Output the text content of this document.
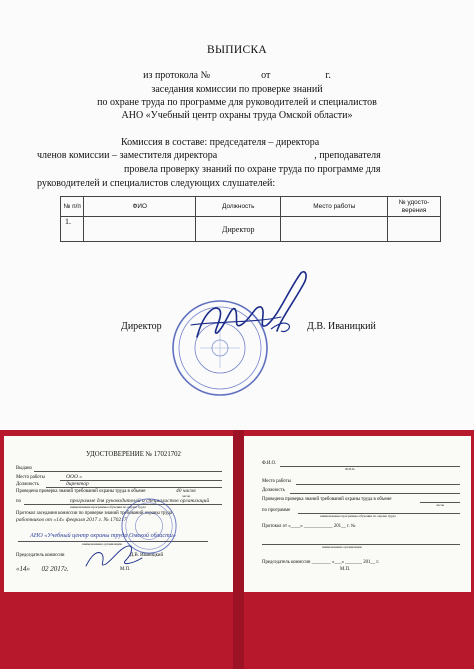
ВЫПИСКА
из протокола №	от	г.
заседания комиссии по проверке знаний
по охране труда по программе для руководителей и специалистов
АНО «Учебный центр охраны труда Омской области»
Комиссия в составе: председателя – директора
членов комиссии – заместителя директора	, преподавателя
провела проверку знаний по охране труда по программе для
руководителей и специалистов следующих слушателей:
№ п/п	ФИО	Должность	Место работы	№ удосто-верения
1.		Директор		
Директор	Д.В. Иваницкий
УДОСТОВЕРЕНИЕ № 17021702
Выдано
Место работы	ООО «
Должность	директор
Проведена проверка знаний требований охраны труда в объеме	40 часов
часов
по	программе для руководителей и специалистов организаций
наименование программы обучения по охране труда
Протокол заседания комиссии по проверке знаний требований охраны труда
работников от «14» февраля 2017 г. № 170217
АНО «Учебный центр охраны труда Омской области»
наименование организации
Председатель комиссии	Д.В. Иваницкий
«14»  02 2017г.	М.П.
Ф.И.О.
Ф.И.О.
Место работы
Должность
Проведена проверка знаний требований охраны труда в объеме
часов
по программе
наименование программы обучения по охране труда
Протокол от «____» ____________ 201__ г. №
наименование организации
Председатель комиссии ________ «___» _______ 201__ г.
М.П.
